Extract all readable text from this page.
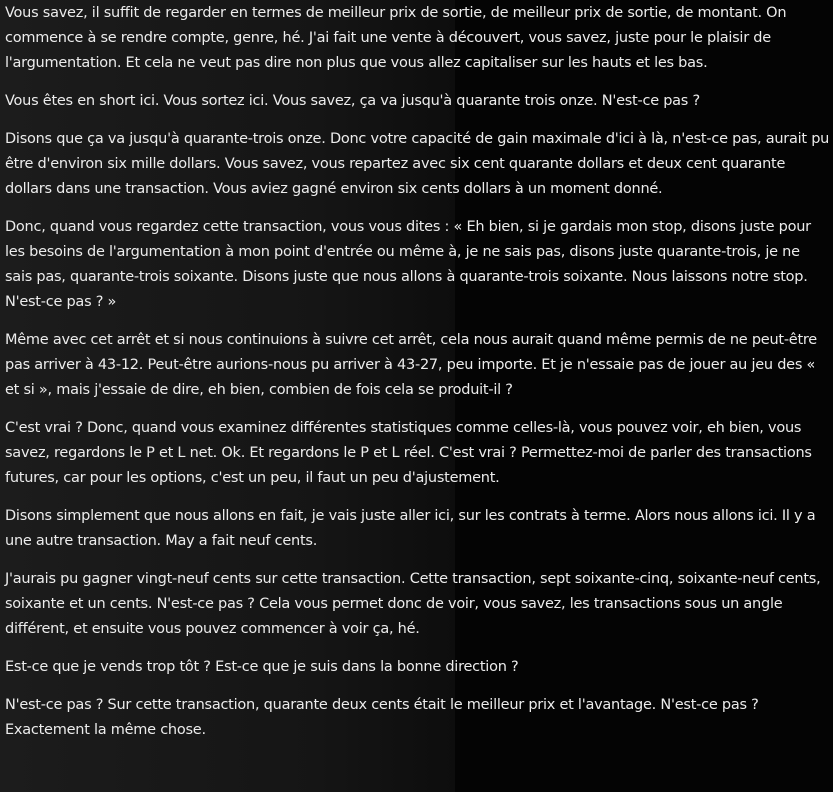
Vous savez, il suffit de regarder en termes de meilleur prix de sortie, de meilleur prix de sortie, de montant. On commence à se rendre compte, genre, hé. J'ai fait une vente à découvert, vous savez, juste pour le plaisir de l'argumentation. Et cela ne veut pas dire non plus que vous allez capitaliser sur les hauts et les bas.

Vous êtes en short ici. Vous sortez ici. Vous savez, ça va jusqu'à quarante trois onze. N'est-ce pas ?

Disons que ça va jusqu'à quarante-trois onze. Donc votre capacité de gain maximale d'ici à là, n'est-ce pas, aurait pu être d'environ six mille dollars. Vous savez, vous repartez avec six cent quarante dollars et deux cent quarante dollars dans une transaction. Vous aviez gagné environ six cents dollars à un moment donné.

Donc, quand vous regardez cette transaction, vous vous dites : « Eh bien, si je gardais mon stop, disons juste pour les besoins de l'argumentation à mon point d'entrée ou même à, je ne sais pas, disons juste quarante-trois, je ne sais pas, quarante-trois soixante. Disons juste que nous allons à quarante-trois soixante. Nous laissons notre stop. N'est-ce pas ? »

Même avec cet arrêt et si nous continuions à suivre cet arrêt, cela nous aurait quand même permis de ne peut-être pas arriver à 43-12. Peut-être aurions-nous pu arriver à 43-27, peu importe. Et je n'essaie pas de jouer au jeu des « et si », mais j'essaie de dire, eh bien, combien de fois cela se produit-il ?

C'est vrai ? Donc, quand vous examinez différentes statistiques comme celles-là, vous pouvez voir, eh bien, vous savez, regardons le P et L net. Ok. Et regardons le P et L réel. C'est vrai ? Permettez-moi de parler des transactions futures, car pour les options, c'est un peu, il faut un peu d'ajustement.

Disons simplement que nous allons en fait, je vais juste aller ici, sur les contrats à terme. Alors nous allons ici. Il y a une autre transaction. May a fait neuf cents.

J'aurais pu gagner vingt-neuf cents sur cette transaction. Cette transaction, sept soixante-cinq, soixante-neuf cents, soixante et un cents. N'est-ce pas ? Cela vous permet donc de voir, vous savez, les transactions sous un angle différent, et ensuite vous pouvez commencer à voir ça, hé.

Est-ce que je vends trop tôt ? Est-ce que je suis dans la bonne direction ?

N'est-ce pas ? Sur cette transaction, quarante deux cents était le meilleur prix et l'avantage. N'est-ce pas ? Exactement la même chose.
